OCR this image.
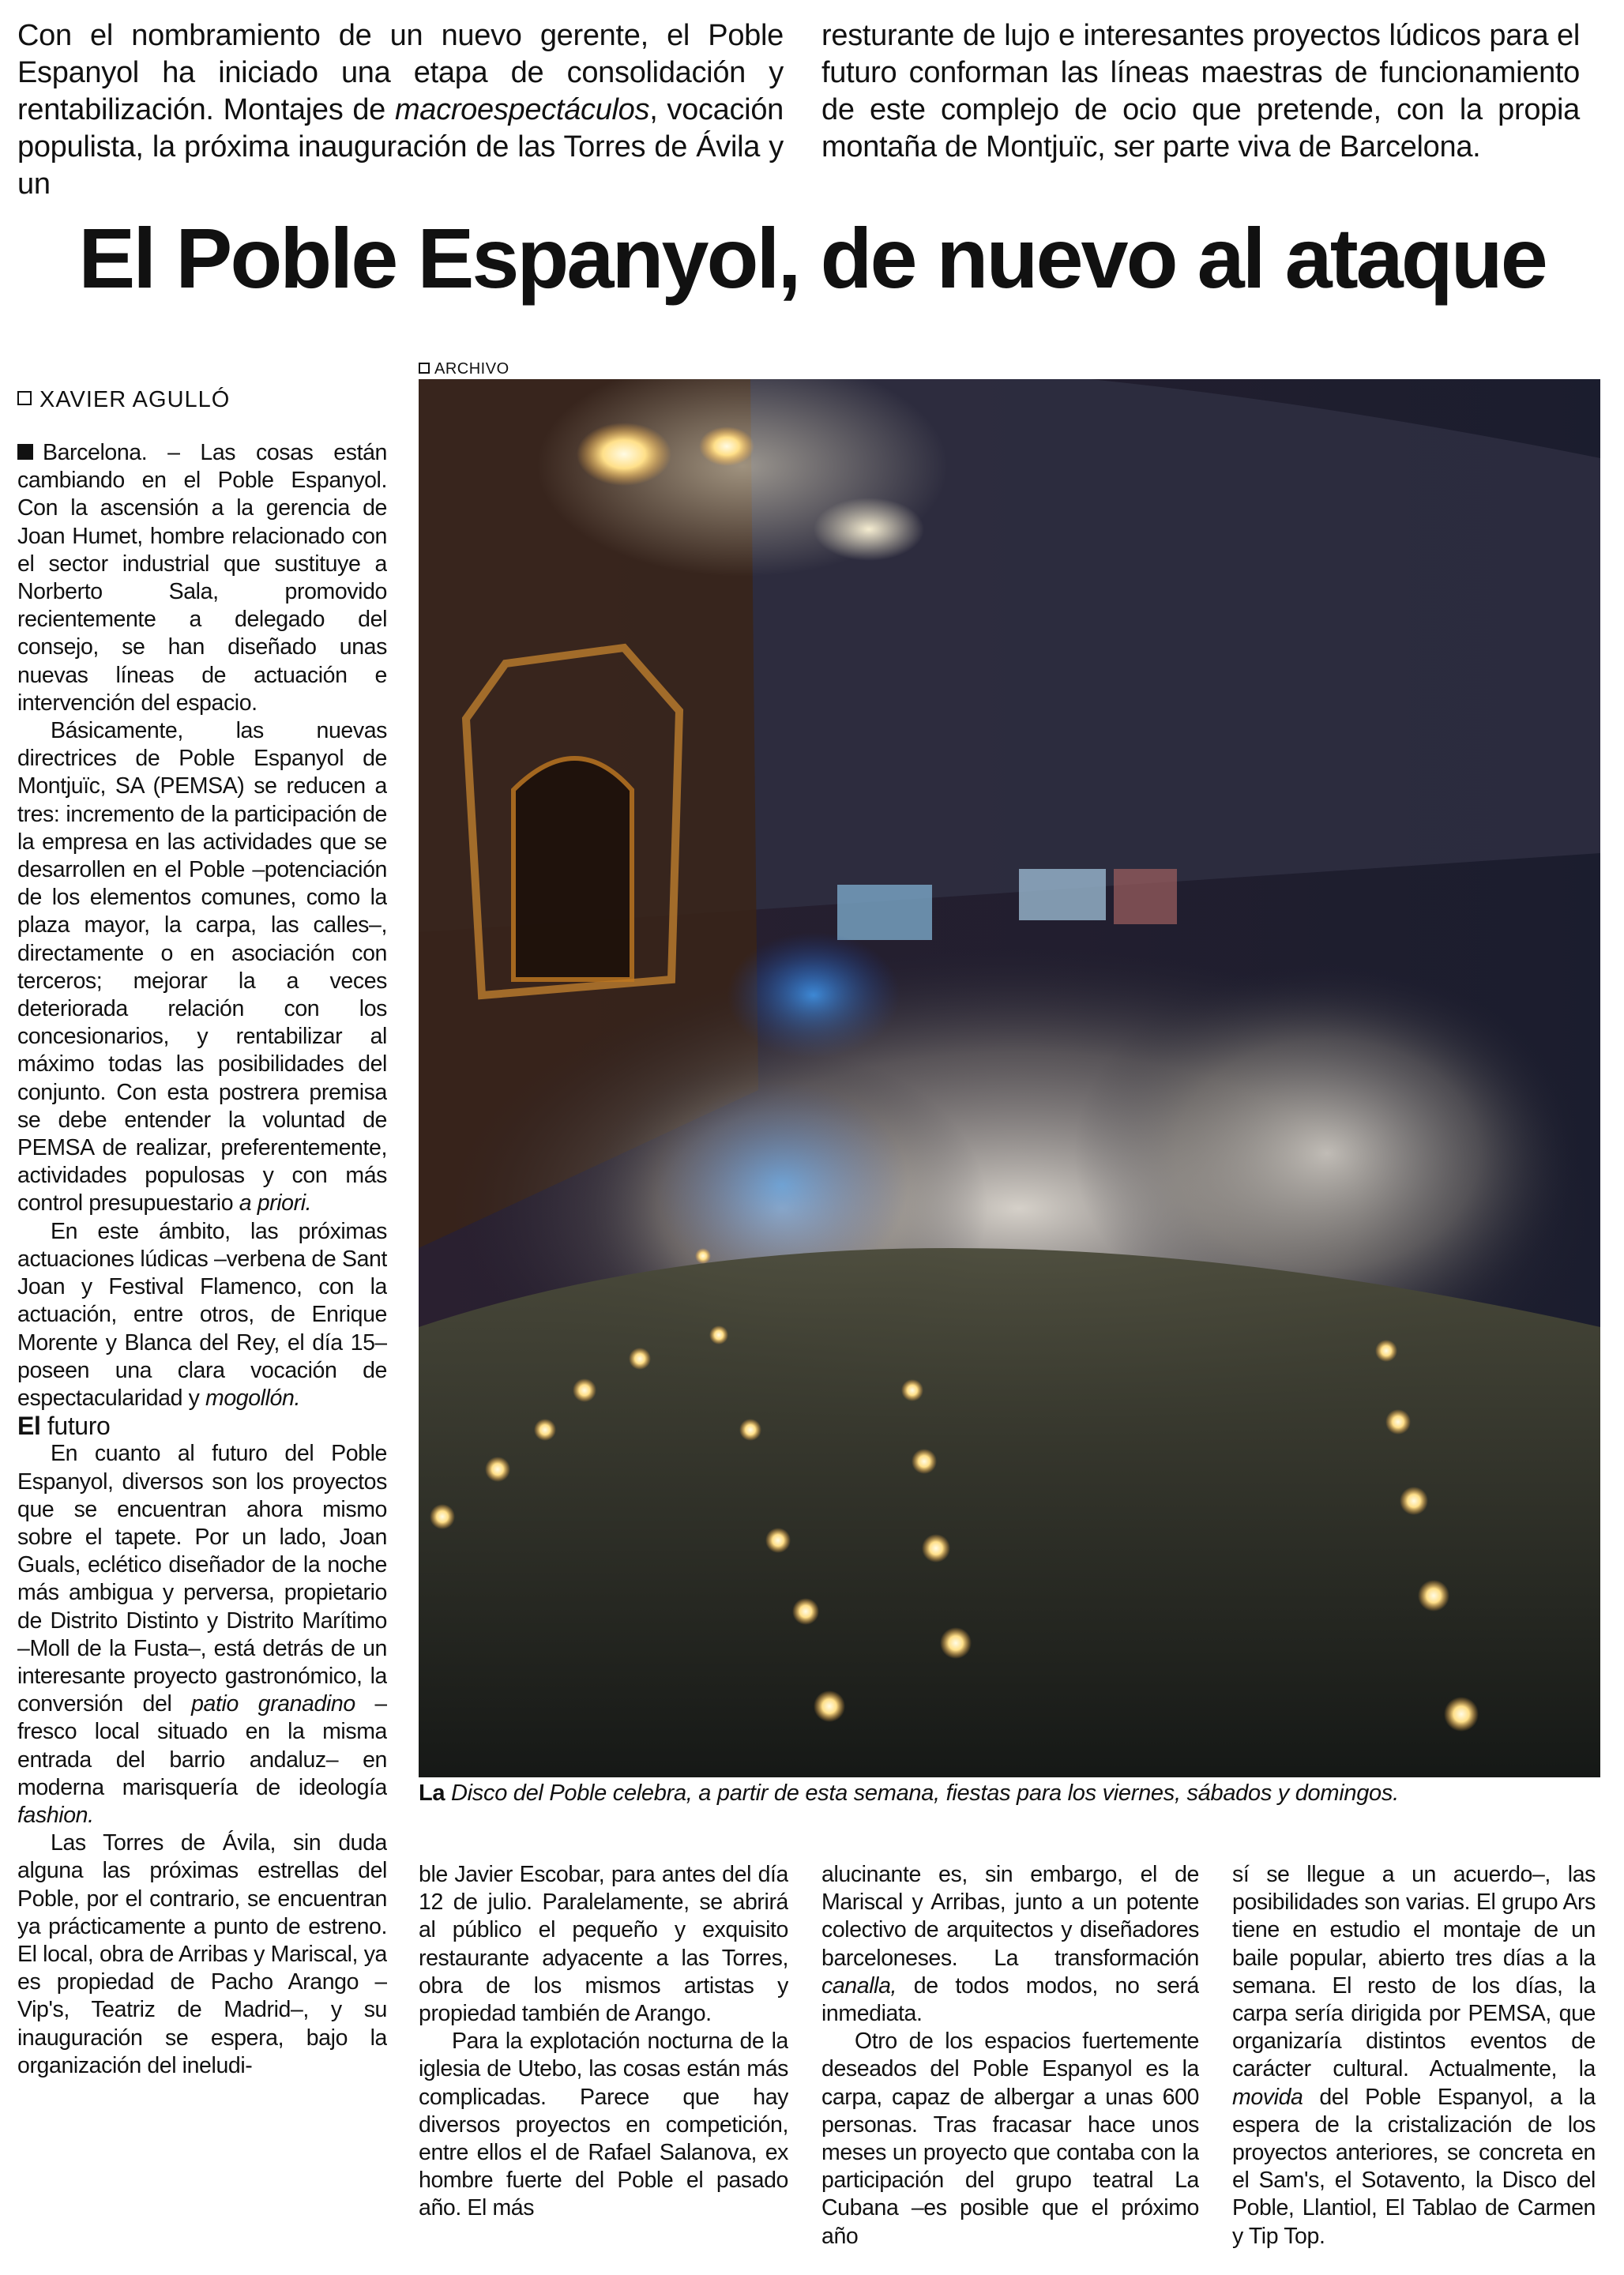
Con el nombramiento de un nuevo gerente, el Poble Espanyol ha iniciado una etapa de consolidación y rentabilización. Montajes de macroespectáculos, vocación populista, la próxima inauguración de las Torres de Ávila y un

resturante de lujo e interesantes proyectos lúdicos para el futuro conforman las líneas maestras de funcionamiento de este complejo de ocio que pretende, con la propia montaña de Montjuïc, ser parte viva de Barcelona.

El Poble Espanyol, de nuevo al ataque
XAVIER AGULLÓ

Barcelona. – Las cosas están cambiando en el Poble Espanyol. Con la ascensión a la gerencia de Joan Humet, hombre relacionado con el sector industrial que sustituye a Norberto Sala, promovido recientemente a delegado del consejo, se han diseñado unas nuevas líneas de actuación e intervención del espacio.

Básicamente, las nuevas directrices de Poble Espanyol de Montjuïc, SA (PEMSA) se reducen a tres: incremento de la participación de la empresa en las actividades que se desarrollen en el Poble –potenciación de los elementos comunes, como la plaza mayor, la carpa, las calles–, directamente o en asociación con terceros; mejorar la a veces deteriorada relación con los concesionarios, y rentabilizar al máximo todas las posibilidades del conjunto. Con esta postrera premisa se debe entender la voluntad de PEMSA de realizar, preferentemente, actividades populosas y con más control presupuestario a priori.

En este ámbito, las próximas actuaciones lúdicas –verbena de Sant Joan y Festival Flamenco, con la actuación, entre otros, de Enrique Morente y Blanca del Rey, el día 15– poseen una clara vocación de espectacularidad y mogollón.

El futuro

En cuanto al futuro del Poble Espanyol, diversos son los proyectos que se encuentran ahora mismo sobre el tapete. Por un lado, Joan Guals, eclético diseñador de la noche más ambigua y perversa, propietario de Distrito Distinto y Distrito Marítimo –Moll de la Fusta–, está detrás de un interesante proyecto gastronómico, la conversión del patio granadino –fresco local situado en la misma entrada del barrio andaluz– en moderna marisquería de ideología fashion.

Las Torres de Ávila, sin duda alguna las próximas estrellas del Poble, por el contrario, se encuentran ya prácticamente a punto de estreno. El local, obra de Arribas y Mariscal, ya es propiedad de Pacho Arango –Vip's, Teatriz de Madrid–, y su inauguración se espera, bajo la organización del ineludi-

ARCHIVO
La Disco del Poble celebra, a partir de esta semana, fiestas para los viernes, sábados y domingos.

ble Javier Escobar, para antes del día 12 de julio. Paralelamente, se abrirá al público el pequeño y exquisito restaurante adyacente a las Torres, obra de los mismos artistas y propiedad también de Arango.

Para la explotación nocturna de la iglesia de Utebo, las cosas están más complicadas. Parece que hay diversos proyectos en competición, entre ellos el de Rafael Salanova, ex hombre fuerte del Poble el pasado año. El más

alucinante es, sin embargo, el de Mariscal y Arribas, junto a un potente colectivo de arquitectos y diseñadores barceloneses. La transformación canalla, de todos modos, no será inmediata.

Otro de los espacios fuertemente deseados del Poble Espanyol es la carpa, capaz de albergar a unas 600 personas. Tras fracasar hace unos meses un proyecto que contaba con la participación del grupo teatral La Cubana –es posible que el próximo año

sí se llegue a un acuerdo–, las posibilidades son varias. El grupo Ars tiene en estudio el montaje de un baile popular, abierto tres días a la semana. El resto de los días, la carpa sería dirigida por PEMSA, que organizaría distintos eventos de carácter cultural. Actualmente, la movida del Poble Espanyol, a la espera de la cristalización de los proyectos anteriores, se concreta en el Sam's, el Sotavento, la Disco del Poble, Llantiol, El Tablao de Carmen y Tip Top.
